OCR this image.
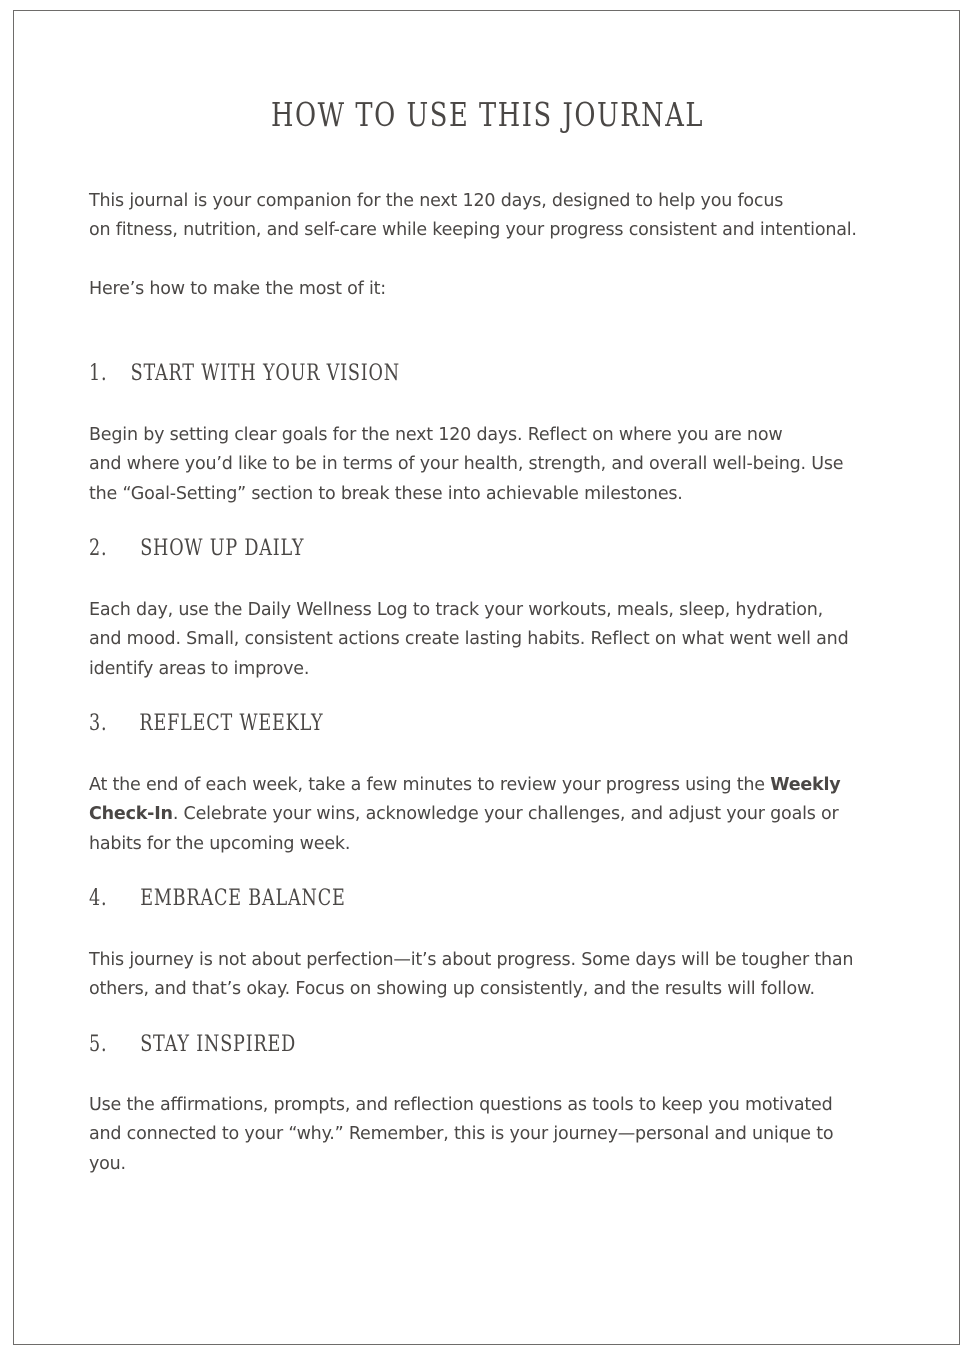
HOW TO USE THIS JOURNAL

This journal is your companion for the next 120 days, designed to help you focus
on fitness, nutrition, and self-care while keeping your progress consistent and intentional.

Here’s how to make the most of it:

1. START WITH YOUR VISION

Begin by setting clear goals for the next 120 days. Reflect on where you are now
and where you’d like to be in terms of your health, strength, and overall well-being. Use
the “Goal-Setting” section to break these into achievable milestones.

2. SHOW UP DAILY

Each day, use the Daily Wellness Log to track your workouts, meals, sleep, hydration,
and mood. Small, consistent actions create lasting habits. Reflect on what went well and
identify areas to improve.

3. REFLECT WEEKLY

At the end of each week, take a few minutes to review your progress using the Weekly
Check-In. Celebrate your wins, acknowledge your challenges, and adjust your goals or
habits for the upcoming week.

4. EMBRACE BALANCE

This journey is not about perfection—it’s about progress. Some days will be tougher than
others, and that’s okay. Focus on showing up consistently, and the results will follow.

5. STAY INSPIRED

Use the affirmations, prompts, and reflection questions as tools to keep you motivated
and connected to your “why.” Remember, this is your journey—personal and unique to
you.
